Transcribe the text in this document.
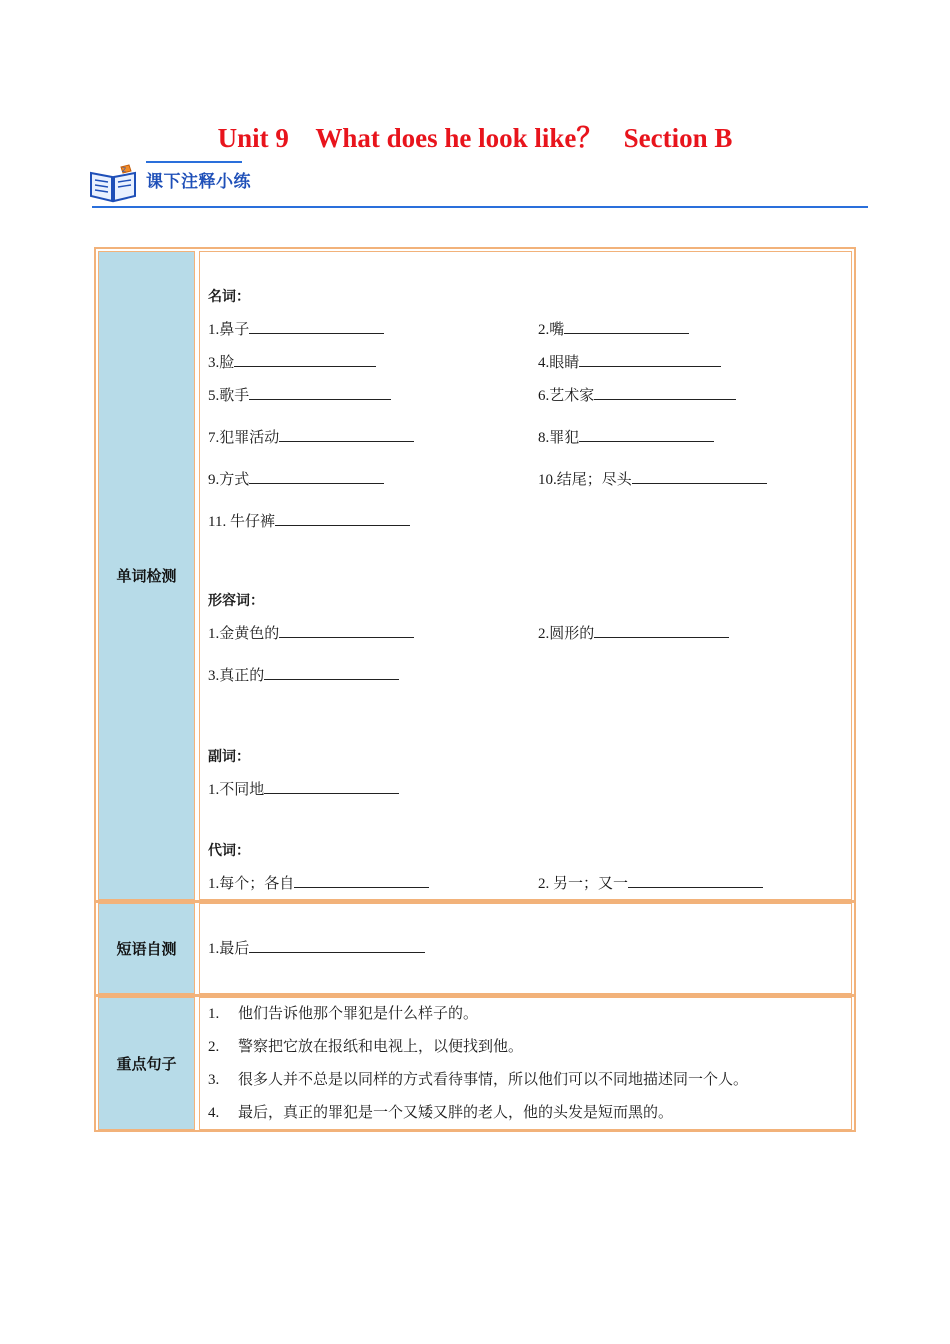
Unit 9    What does he look like？   Section B
Z
课下注释小练
单词检测
名词：
1.鼻子	2.嘴
3.脸	4.眼睛
5.歌手	6.艺术家
7.犯罪活动	8.罪犯
9.方式	10.结尾；尽头
11. 牛仔裤
形容词：
1.金黄色的	2.圆形的
3.真正的
副词：
1.不同地
代词：
1.每个；各自	2. 另一；又一
短语自测	1.最后
重点句子
1. 他们告诉他那个罪犯是什么样子的。
2. 警察把它放在报纸和电视上，以便找到他。
3. 很多人并不总是以同样的方式看待事情，所以他们可以不同地描述同一个人。
4. 最后，真正的罪犯是一个又矮又胖的老人，他的头发是短而黑的。
